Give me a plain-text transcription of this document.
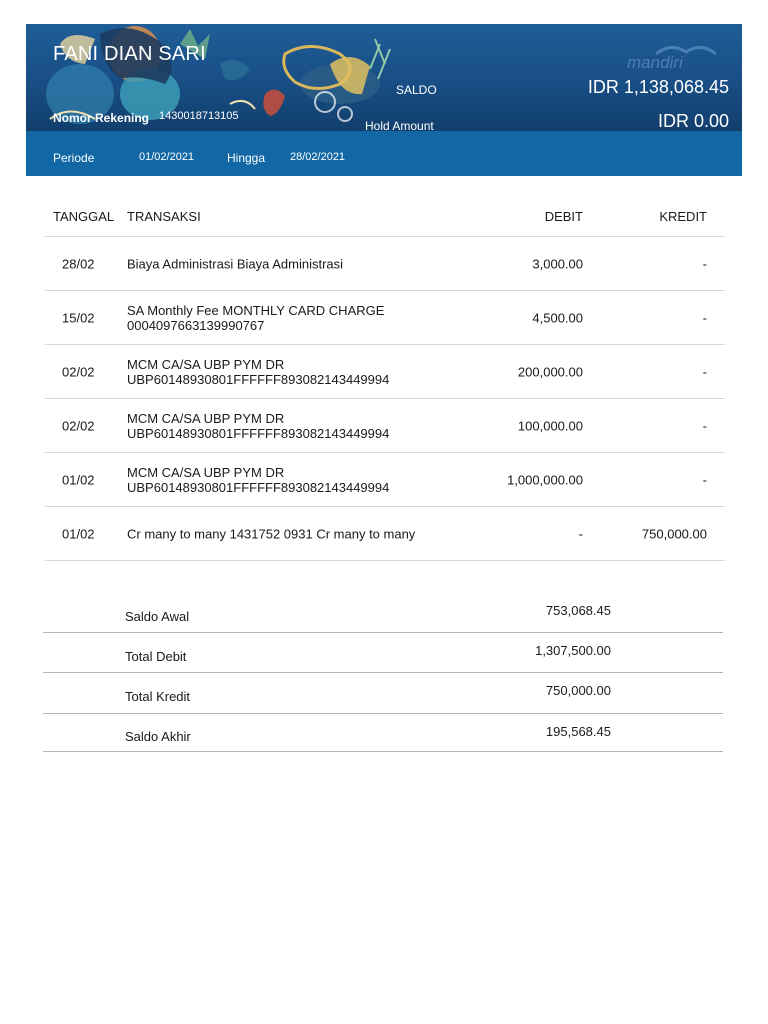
mandiri
FANI DIAN SARI
Nomor Rekening 1430018713105
SALDO	IDR 1,138,068.45
Hold Amount	IDR 0.00
Periode	01/02/2021	Hingga 28/02/2021
TANGGAL TRANSAKSI	DEBIT	KREDIT
28/02 Biaya Administrasi Biaya Administrasi	3,000.00	-
15/02 SA Monthly Fee MONTHLY CARD CHARGE
0004097663139990767	4,500.00	-
02/02 MCM CA/SA UBP PYM DR
UBP60148930801FFFFFF893082143449994	200,000.00	-
02/02 MCM CA/SA UBP PYM DR
UBP60148930801FFFFFF893082143449994	100,000.00	-
01/02 MCM CA/SA UBP PYM DR
UBP60148930801FFFFFF893082143449994	1,000,000.00	-
01/02 Cr many to many 1431752 0931 Cr many to many	-	750,000.00
Saldo Awal	753,068.45
Total Debit	1,307,500.00
Total Kredit	750,000.00
Saldo Akhir	195,568.45
